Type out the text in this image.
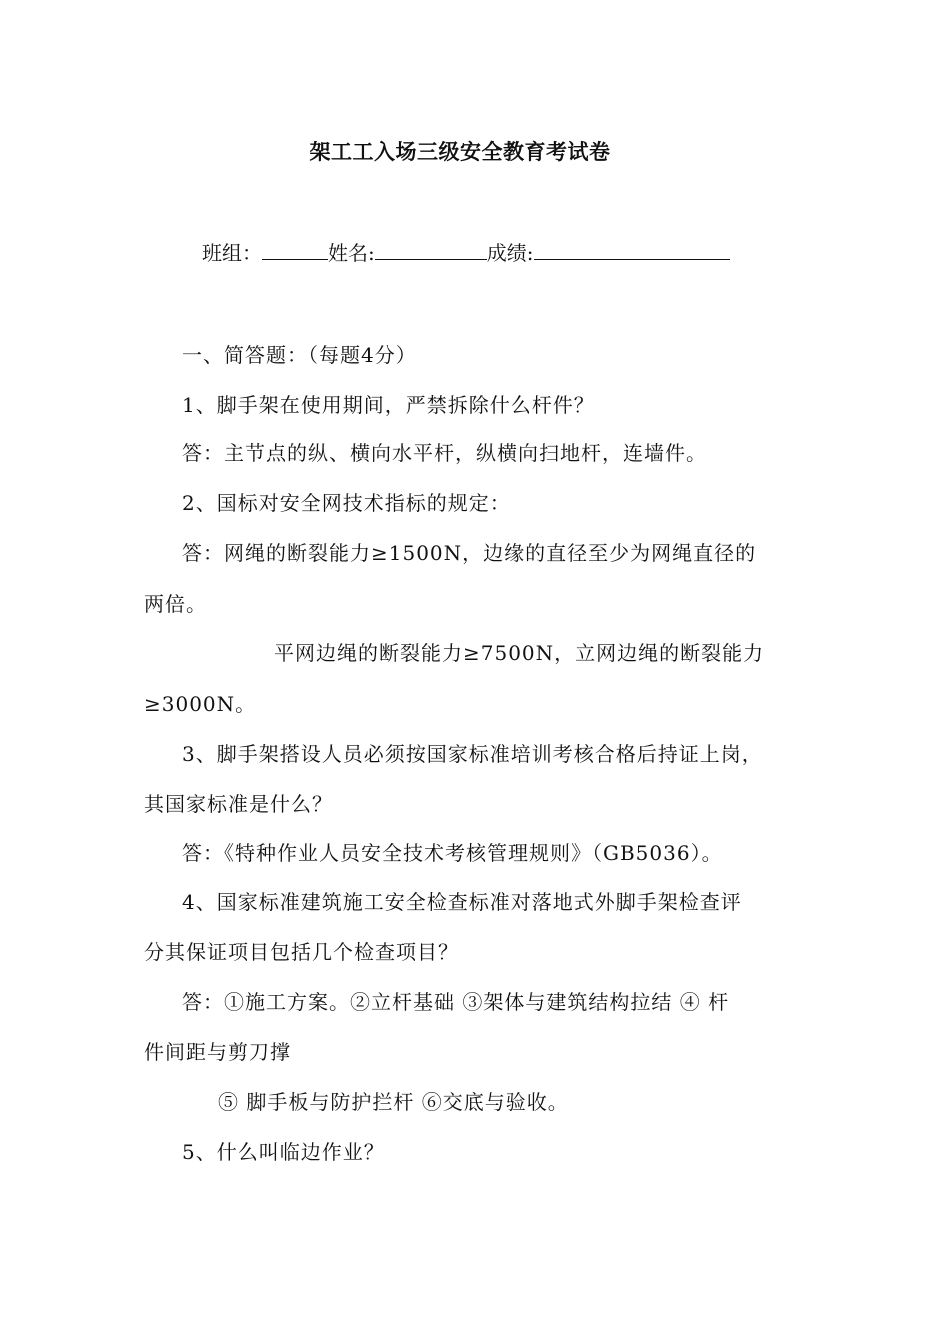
架工工入场三级安全教育考试卷
班组：	姓名:	成绩:
一、简答题：（每题4分）
1、脚手架在使用期间，严禁拆除什么杆件？
答：主节点的纵、横向水平杆，纵横向扫地杆，连墙件。
2、国标对安全网技术指标的规定：
答：网绳的断裂能力≥1500N，边缘的直径至少为网绳直径的
两倍。
平网边绳的断裂能力≥7500N，立网边绳的断裂能力
≥3000N。
3、脚手架搭设人员必须按国家标准培训考核合格后持证上岗，
其国家标准是什么？
答：《特种作业人员安全技术考核管理规则》（GB5036）。
4、国家标准建筑施工安全检查标准对落地式外脚手架检查评
分其保证项目包括几个检查项目？
答：①施工方案。②立杆基础 ③架体与建筑结构拉结 ④ 杆
件间距与剪刀撑
⑤ 脚手板与防护拦杆 ⑥交底与验收。
5、什么叫临边作业？
